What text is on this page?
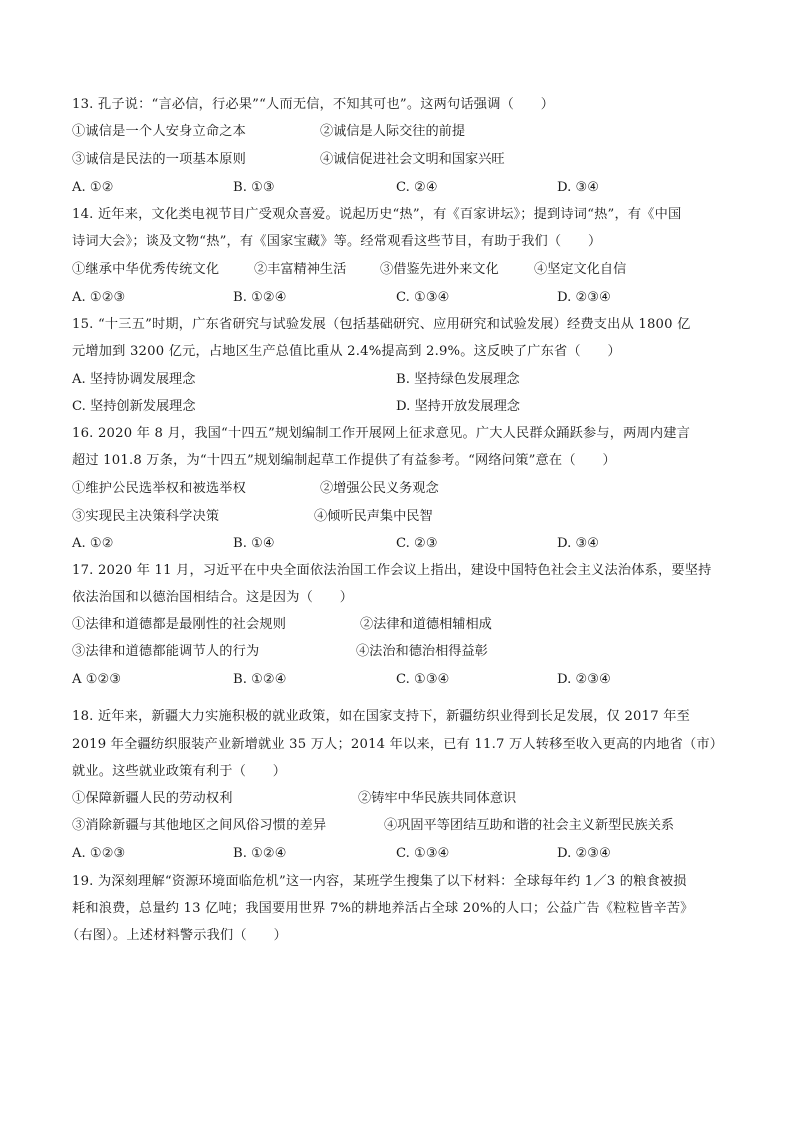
13. 孔子说：“言必信，行必果”“人而无信，不知其可也”。这两句话强调（　　）
①诚信是一个人安身立命之本	②诚信是人际交往的前提
③诚信是民法的一项基本原则	④诚信促进社会文明和国家兴旺
A. ①②	B. ①③	C. ②④	D. ③④
14. 近年来，文化类电视节目广受观众喜爱。说起历史“热”，有《百家讲坛》；提到诗词“热”，有《中国
诗词大会》；谈及文物“热”，有《国家宝藏》等。经常观看这些节目，有助于我们（　　）
①继承中华优秀传统文化	②丰富精神生活	③借鉴先进外来文化	④坚定文化自信
A. ①②③	B. ①②④	C. ①③④	D. ②③④
15. “十三五”时期，广东省研究与试验发展（包括基础研究、应用研究和试验发展）经费支出从 1800 亿
元增加到 3200 亿元，占地区生产总值比重从 2.4%提高到 2.9%。这反映了广东省（　　）
A. 坚持协调发展理念	B. 坚持绿色发展理念
C. 坚持创新发展理念	D. 坚持开放发展理念
16. 2020 年 8 月，我国“十四五”规划编制工作开展网上征求意见。广大人民群众踊跃参与，两周内建言
超过 101.8 万条，为“十四五”规划编制起草工作提供了有益参考。“网络问策”意在（　　）
①维护公民选举权和被选举权	②增强公民义务观念
③实现民主决策科学决策	④倾听民声集中民智
A. ①②	B. ①④	C. ②③	D. ③④
17. 2020 年 11 月，习近平在中央全面依法治国工作会议上指出，建设中国特色社会主义法治体系，要坚持
依法治国和以德治国相结合。这是因为（　　）
①法律和道德都是最刚性的社会规则	②法律和道德相辅相成
③法律和道德都能调节人的行为	④法治和德治相得益彰
A ①②③	B. ①②④	C. ①③④	D. ②③④
18. 近年来，新疆大力实施积极的就业政策，如在国家支持下，新疆纺织业得到长足发展，仅 2017 年至
2019 年全疆纺织服装产业新增就业 35 万人；2014 年以来，已有 11.7 万人转移至收入更高的内地省（市）
就业。这些就业政策有利于（　　）
①保障新疆人民的劳动权利	②铸牢中华民族共同体意识
③消除新疆与其他地区之间风俗习惯的差异	④巩固平等团结互助和谐的社会主义新型民族关系
A. ①②③	B. ①②④	C. ①③④	D. ②③④
19. 为深刻理解“资源环境面临危机”这一内容，某班学生搜集了以下材料：全球每年约 1／3 的粮食被损
耗和浪费，总量约 13 亿吨；我国要用世界 7%的耕地养活占全球 20%的人口；公益广告《粒粒皆辛苦》
（右图）。上述材料警示我们（　　）
